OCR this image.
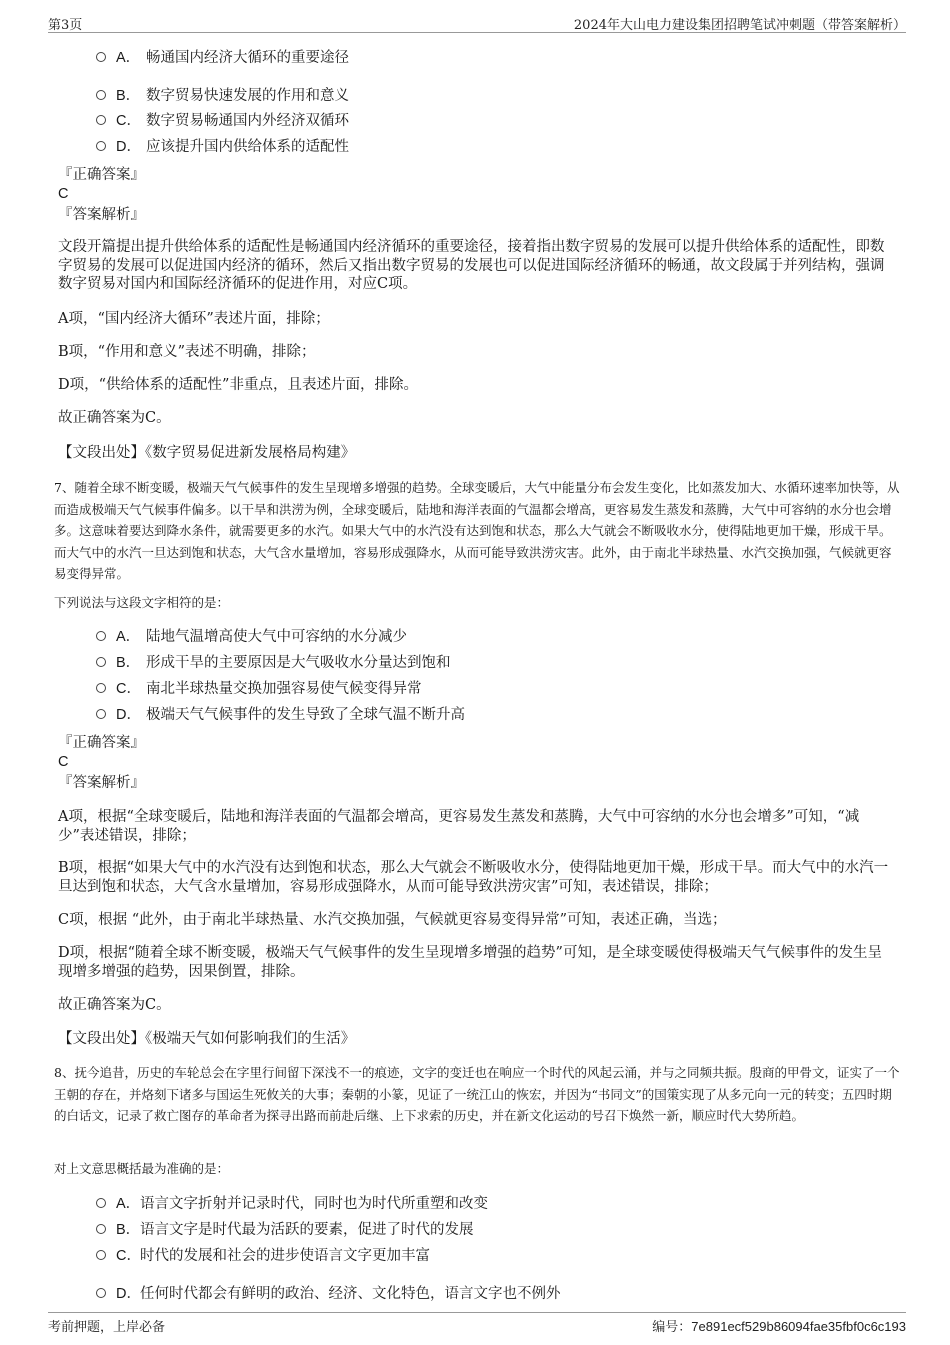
第3页	2024年大山电力建设集团招聘笔试冲刺题（带答案解析）
A． 畅通国内经济大循环的重要途径
B． 数字贸易快速发展的作用和意义
C． 数字贸易畅通国内外经济双循环
D． 应该提升国内供给体系的适配性
『正确答案』
C
『答案解析』
文段开篇提出提升供给体系的适配性是畅通国内经济循环的重要途径，接着指出数字贸易的发展可以提升供给体系的适配性，即数字贸易的发展可以促进国内经济的循环，然后又指出数字贸易的发展也可以促进国际经济循环的畅通，故文段属于并列结构，强调数字贸易对国内和国际经济循环的促进作用，对应C项。
A项，“国内经济大循环”表述片面，排除；
B项，“作用和意义”表述不明确，排除；
D项，“供给体系的适配性”非重点，且表述片面，排除。
故正确答案为C。
【文段出处】《数字贸易促进新发展格局构建》
7、随着全球不断变暖，极端天气气候事件的发生呈现增多增强的趋势。全球变暖后，大气中能量分布会发生变化，比如蒸发加大、水循环速率加快等，从而造成极端天气气候事件偏多。以干旱和洪涝为例，全球变暖后，陆地和海洋表面的气温都会增高，更容易发生蒸发和蒸腾，大气中可容纳的水分也会增多。这意味着要达到降水条件，就需要更多的水汽。如果大气中的水汽没有达到饱和状态，那么大气就会不断吸收水分，使得陆地更加干燥，形成干旱。而大气中的水汽一旦达到饱和状态，大气含水量增加，容易形成强降水，从而可能导致洪涝灾害。此外，由于南北半球热量、水汽交换加强，气候就更容易变得异常。
下列说法与这段文字相符的是：
A． 陆地气温增高使大气中可容纳的水分减少
B． 形成干旱的主要原因是大气吸收水分量达到饱和
C． 南北半球热量交换加强容易使气候变得异常
D． 极端天气气候事件的发生导致了全球气温不断升高
『正确答案』
C
『答案解析』
A项，根据“全球变暖后，陆地和海洋表面的气温都会增高，更容易发生蒸发和蒸腾，大气中可容纳的水分也会增多”可知，“减少”表述错误，排除；
B项，根据“如果大气中的水汽没有达到饱和状态，那么大气就会不断吸收水分，使得陆地更加干燥，形成干旱。而大气中的水汽一旦达到饱和状态，大气含水量增加，容易形成强降水，从而可能导致洪涝灾害”可知，表述错误，排除；
C项，根据 “此外，由于南北半球热量、水汽交换加强，气候就更容易变得异常”可知，表述正确，当选；
D项，根据“随着全球不断变暖，极端天气气候事件的发生呈现增多增强的趋势”可知，是全球变暖使得极端天气气候事件的发生呈现增多增强的趋势，因果倒置，排除。
故正确答案为C。
【文段出处】《极端天气如何影响我们的生活》
8、抚今追昔，历史的车轮总会在字里行间留下深浅不一的痕迹，文字的变迁也在响应一个时代的风起云涌，并与之同频共振。殷商的甲骨文，证实了一个王朝的存在，并烙刻下诸多与国运生死攸关的大事；秦朝的小篆，见证了一统江山的恢宏，并因为“书同文”的国策实现了从多元向一元的转变；五四时期的白话文，记录了救亡图存的革命者为探寻出路而前赴后继、上下求索的历史，并在新文化运动的号召下焕然一新，顺应时代大势所趋。
对上文意思概括最为准确的是：
A．语言文字折射并记录时代，同时也为时代所重塑和改变
B．语言文字是时代最为活跃的要素，促进了时代的发展
C．时代的发展和社会的进步使语言文字更加丰富
D．任何时代都会有鲜明的政治、经济、文化特色，语言文字也不例外
考前押题，上岸必备	编号：7e891ecf529b86094fae35fbf0c6c193
